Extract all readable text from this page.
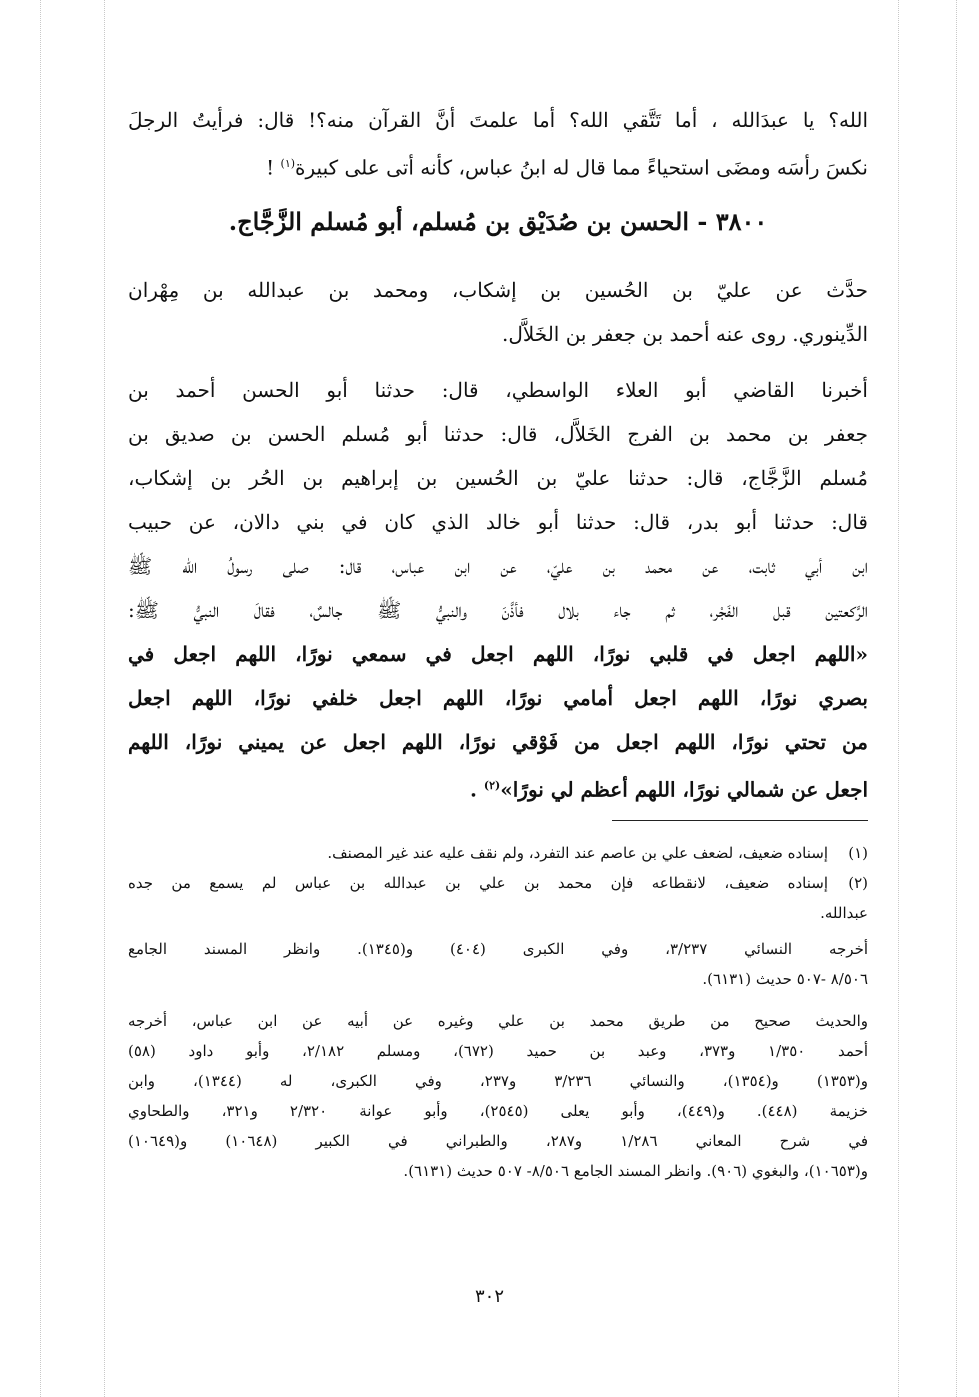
الله؟ يا عبدَالله ، أما تَتَّقي الله؟ أما علمتَ أنَّ القرآن منه؟! قال: فرأيتُ الرجلَ
نكسَ رأسَه ومضَى استحياءً مما قال له ابنُ عباس، كأنه أتى على كبيرة$^{(١)}$ !
٣٨٠٠ - الحسن بن صُدَيْق بن مُسلم، أبو مُسلم الزَّجَّاج.
حدَّث عن عليّ بن الحُسين بن إشكاب، ومحمد بن عبدالله بن مِهْران
الدِّينوري. روى عنه أحمد بن جعفر بن الخَلاَّل.
أخبرنا القاضي أبو العلاء الواسطي، قال: حدثنا أبو الحسن أحمد بن
جعفر بن محمد بن الفرج الخَلاَّل، قال: حدثنا أبو مُسلم الحسن بن صديق بن
مُسلم الزَّجَّاج، قال: حدثنا عليّ بن الحُسين بن إبراهيم بن الحُر بن إشكاب،
قال: حدثنا أبو بدر، قال: حدثنا أبو خالد الذي كان في بني دالان، عن حبيب
ابن أبي ثابت، عن محمد بن عليّ، عن ابن عباس، قال: صلى رسولُ الله ﷺ
الرَّكعتين قبل الفَجْر، ثم جاء بلال فأذَّنَ والنبيُّ ﷺ جالسٌ، فقالَ النبيُّ ﷺ:
«اللهم اجعل في قلبي نورًا، اللهم اجعل في سمعي نورًا، اللهم اجعل في
بصري نورًا، اللهم اجعل أمامي نورًا، اللهم اجعل خلفي نورًا، اللهم اجعل
من تحتي نورًا، اللهم اجعل من فَوْقي نورًا، اللهم اجعل عن يميني نورًا، اللهم
اجعل عن شمالي نورًا، اللهم أعظم لي نورًا»$^{(٢)}$ .
(١)إسناده ضعيف، لضعف علي بن عاصم عند التفرد، ولم نقف عليه عند غير المصنف.
(٢)إسناده ضعيف، لانقطاعه فإن محمد بن علي بن عبدالله بن عباس لم يسمع من جده
عبدالله.
أخرجه النسائي ٣/٢٣٧، وفي الكبرى (٤٠٤) و(١٣٤٥). وانظر المسند الجامع
٨/٥٠٦ -٥٠٧ حديث (٦١٣١).
والحديث صحيح من طريق محمد بن علي وغيره عن أبيه عن ابن عباس، أخرجه
أحمد ١/٣٥٠ و٣٧٣، وعبد بن حميد (٦٧٢)، ومسلم ٢/١٨٢، وأبو داود (٥٨)
و(١٣٥٣) و(١٣٥٤)، والنسائي ٣/٢٣٦ و٢٣٧، وفي الكبرى، له (١٣٤٤)، وابن
خزيمة (٤٤٨). و(٤٤٩)، وأبو يعلى (٢٥٤٥)، وأبو عوانة ٢/٣٢٠ و٣٢١، والطحاوي
في شرح المعاني ١/٢٨٦ و٢٨٧، والطبراني في الكبير (١٠٦٤٨) و(١٠٦٤٩)
و(١٠٦٥٣)، والبغوي (٩٠٦). وانظر المسند الجامع ٨/٥٠٦- ٥٠٧ حديث (٦١٣١).
٣٠٢
